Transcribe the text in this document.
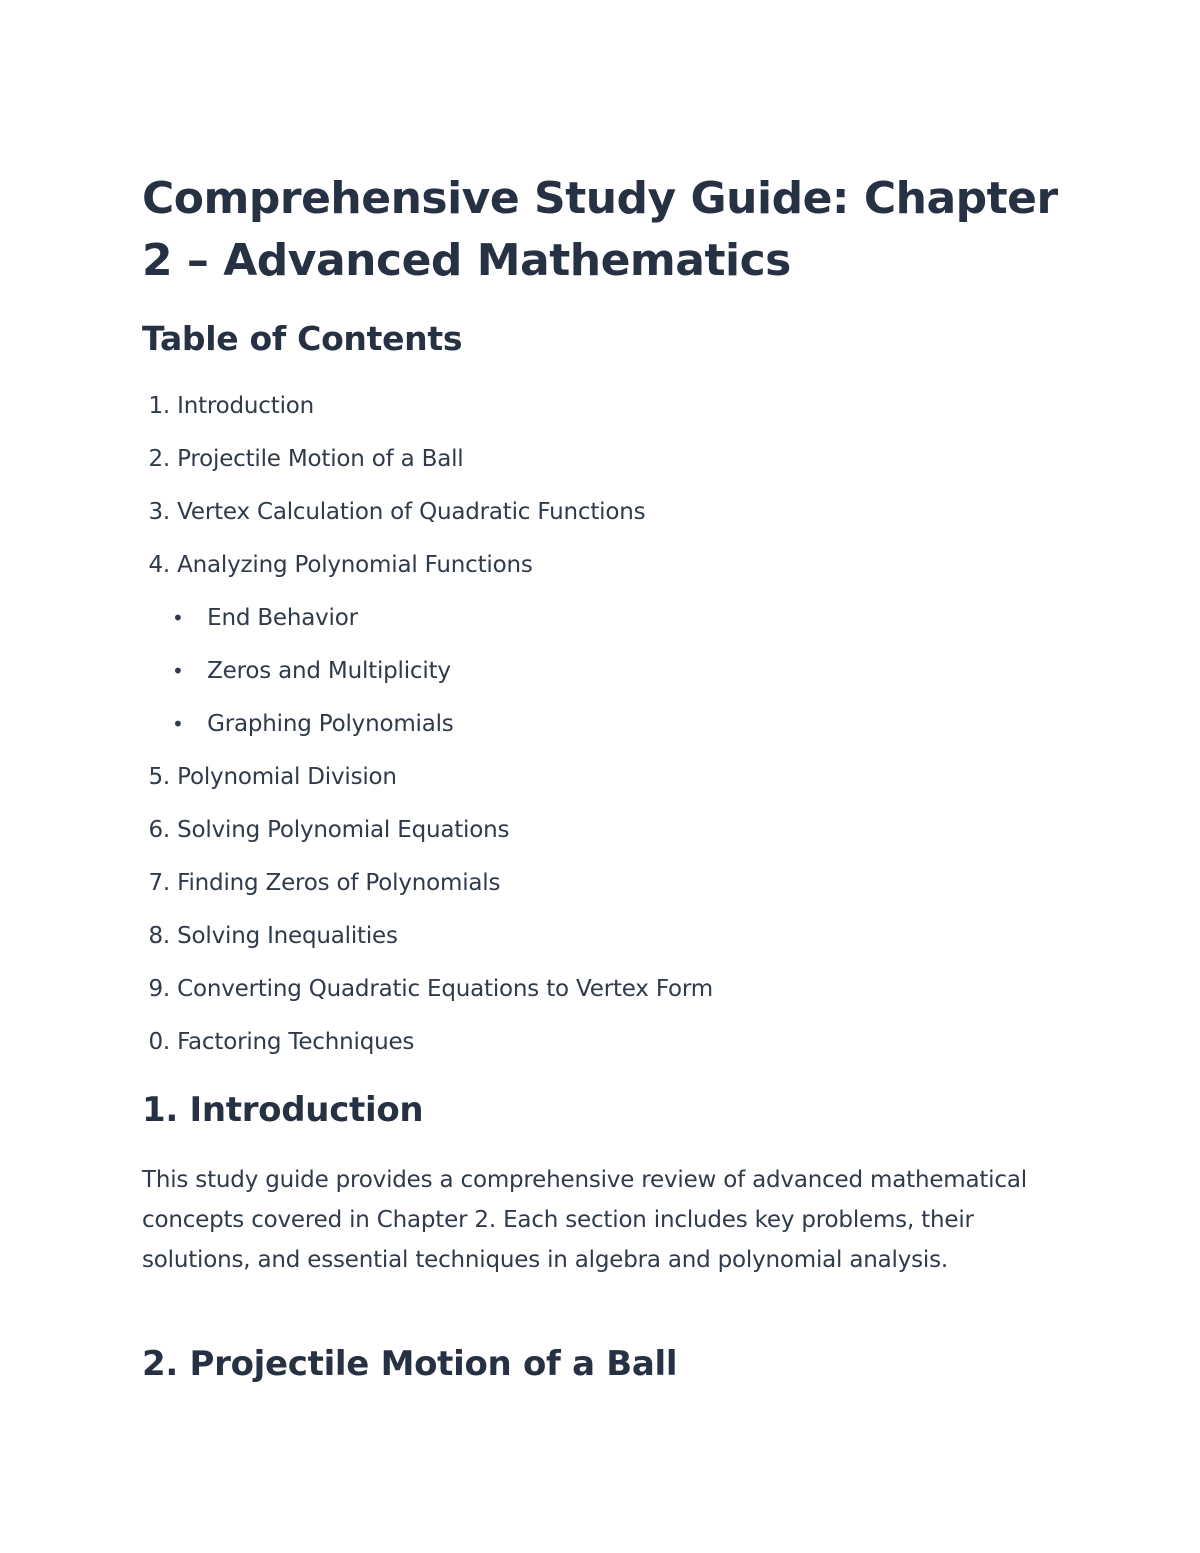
Comprehensive Study Guide: Chapter 2 – Advanced Mathematics
Table of Contents
1. Introduction
2. Projectile Motion of a Ball
3. Vertex Calculation of Quadratic Functions
4. Analyzing Polynomial Functions
• End Behavior
• Zeros and Multiplicity
• Graphing Polynomials
5. Polynomial Division
6. Solving Polynomial Equations
7. Finding Zeros of Polynomials
8. Solving Inequalities
9. Converting Quadratic Equations to Vertex Form
0. Factoring Techniques
1. Introduction

This study guide provides a comprehensive review of advanced mathematical concepts covered in Chapter 2. Each section includes key problems, their solutions, and essential techniques in algebra and polynomial analysis.

2. Projectile Motion of a Ball
